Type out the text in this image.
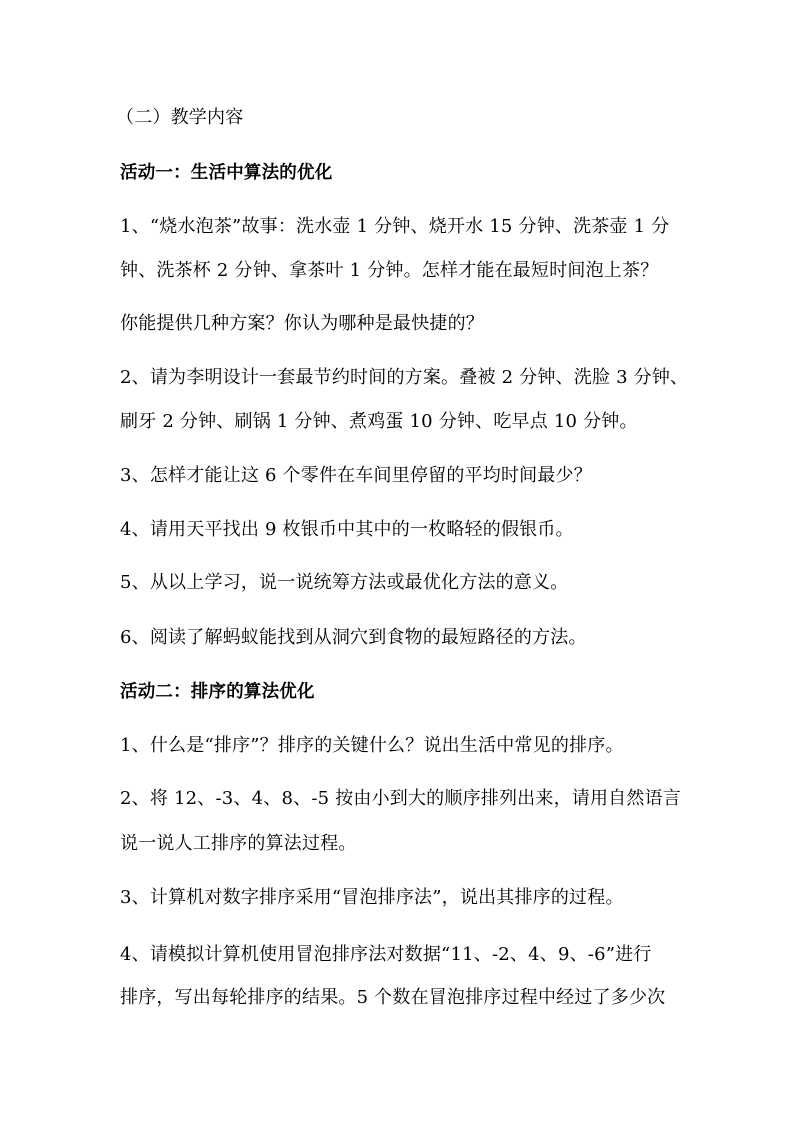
（二）教学内容
活动一：生活中算法的优化
1、“烧水泡茶”故事：洗水壶 1 分钟、烧开水 15 分钟、洗茶壶 1 分
钟、洗茶杯 2 分钟、拿茶叶 1 分钟。怎样才能在最短时间泡上茶？
你能提供几种方案？你认为哪种是最快捷的？
2、请为李明设计一套最节约时间的方案。叠被 2 分钟、洗脸 3 分钟、
刷牙 2 分钟、刷锅 1 分钟、煮鸡蛋 10 分钟、吃早点 10 分钟。
3、怎样才能让这 6 个零件在车间里停留的平均时间最少？
4、请用天平找出 9 枚银币中其中的一枚略轻的假银币。
5、从以上学习，说一说统筹方法或最优化方法的意义。
6、阅读了解蚂蚁能找到从洞穴到食物的最短路径的方法。
活动二：排序的算法优化
1、什么是“排序”？排序的关键什么？说出生活中常见的排序。
2、将 12、-3、4、8、-5 按由小到大的顺序排列出来，请用自然语言
说一说人工排序的算法过程。
3、计算机对数字排序采用“冒泡排序法”，说出其排序的过程。
4、请模拟计算机使用冒泡排序法对数据“11、-2、4、9、-6”进行
排序，写出每轮排序的结果。5 个数在冒泡排序过程中经过了多少次
